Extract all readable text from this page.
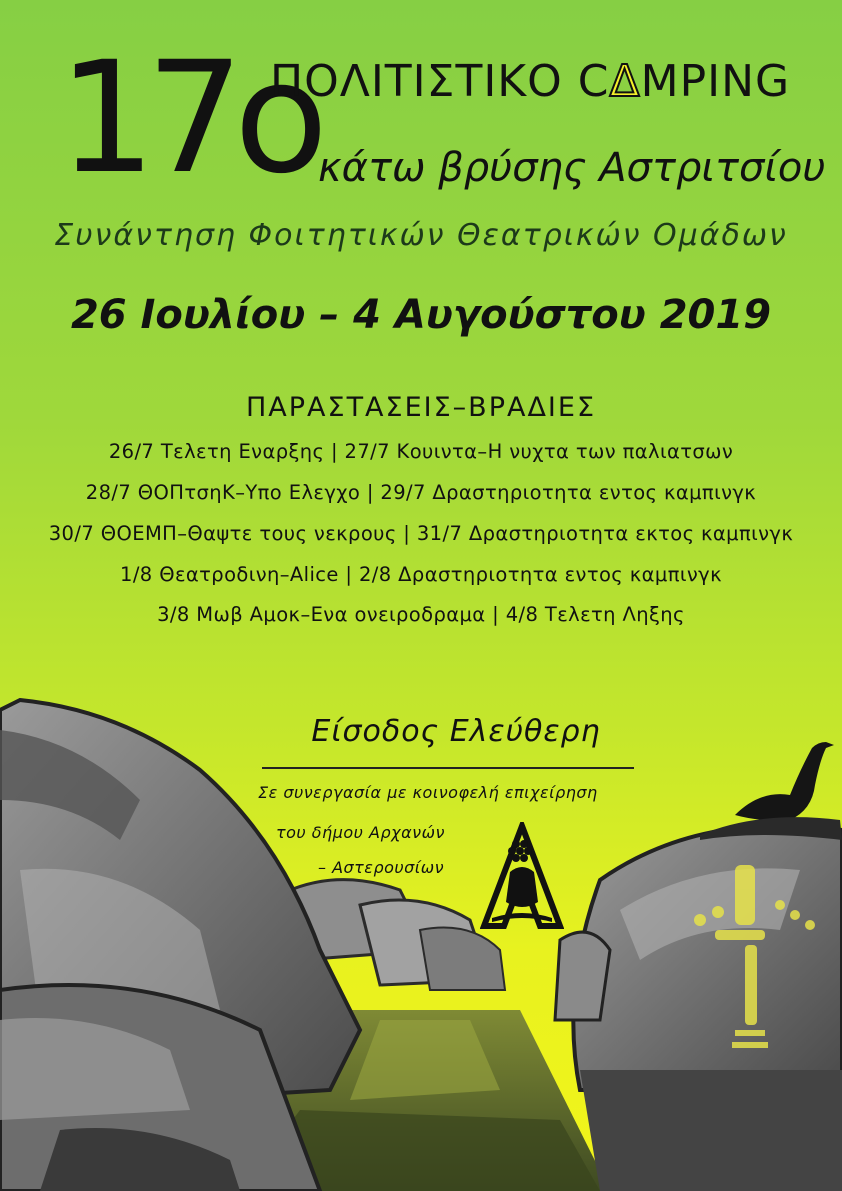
17ο
ΠΟΛΙΤΙΣΤΙΚΟ CΔMPING
κάτω βρύσης Αστριτσίου
Συνάντηση Φοιτητικών Θεατρικών Ομάδων
26 Ιουλίου – 4 Αυγούστου 2019
ΠΑΡΑΣΤΑΣΕΙΣ–ΒΡΑΔΙΕΣ
26/7 Τελετη Εναρξης | 27/7 Κουιντα–Η νυχτα των παλιατσων
28/7 ΘΟΠτσηΚ–Υπο Ελεγχο | 29/7 Δραστηριοτητα εντος καμπινγκ
30/7 ΘΟΕΜΠ–Θαψτε τους νεκρους | 31/7 Δραστηριοτητα εκτος καμπινγκ
1/8 Θεατροδινη–Alice | 2/8 Δραστηριοτητα εντος καμπινγκ
3/8 Μωβ Αμοκ–Ενα ονειροδραμα | 4/8 Τελετη Ληξης
Είσοδος Ελεύθερη
Σε συνεργασία με κοινοφελή επιχείρηση
του δήμου Αρχανών
– Αστερουσίων
